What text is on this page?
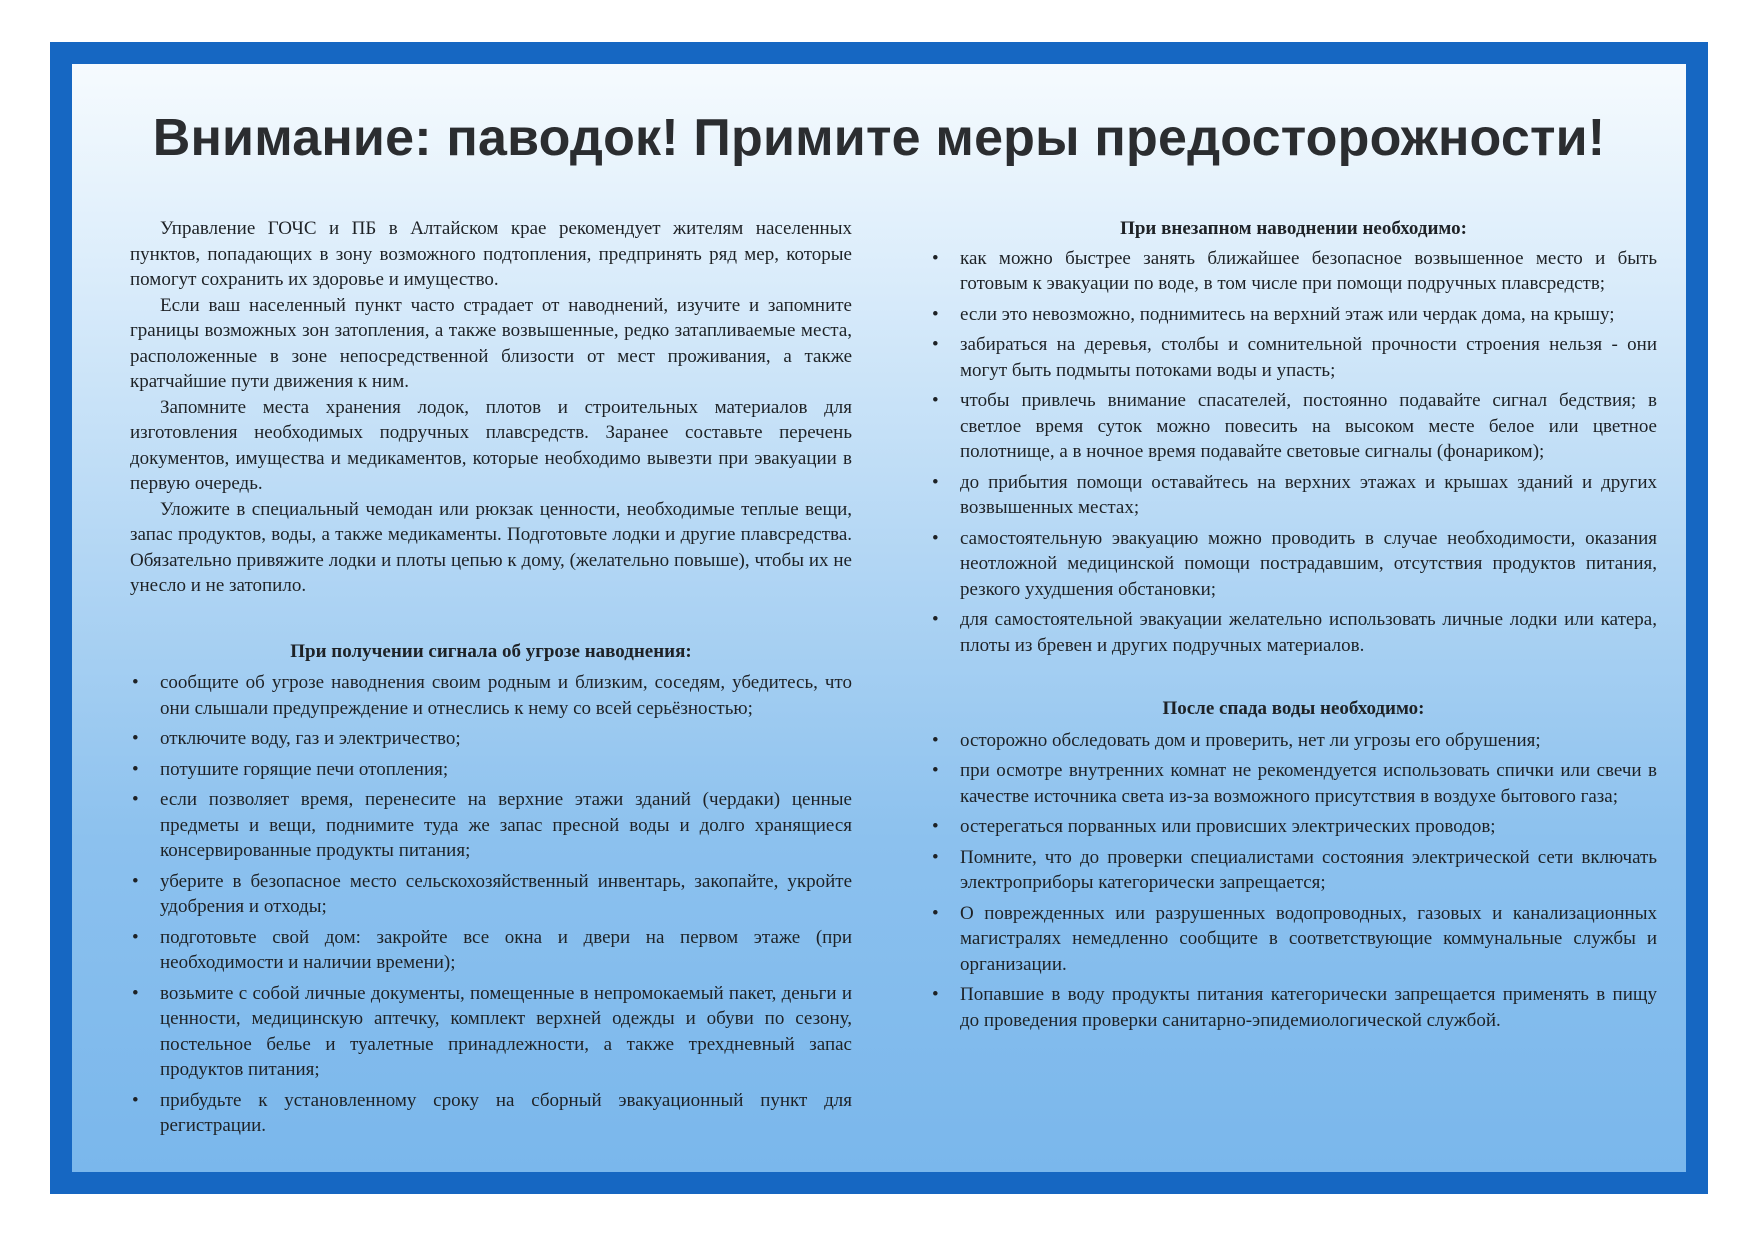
Внимание: паводок! Примите меры предосторожности!

Управление ГОЧС и ПБ в Алтайском крае рекомендует жителям населенных пунктов, попадающих в зону возможного подтопления, предпринять ряд мер, которые помогут сохранить их здоровье и имущество.

Если ваш населенный пункт часто страдает от наводнений, изучите и запомните границы возможных зон затопления, а также возвышенные, редко затапливаемые места, расположенные в зоне непосредственной близости от мест проживания, а также кратчайшие пути движения к ним.

Запомните места хранения лодок, плотов и строительных материалов для изготовления необходимых подручных плавсредств. Заранее составьте перечень документов, имущества и медикаментов, которые необходимо вывезти при эвакуации в первую очередь.

Уложите в специальный чемодан или рюкзак ценности, необходимые теплые вещи, запас продуктов, воды, а также медикаменты. Подготовьте лодки и другие плавсредства. Обязательно привяжите лодки и плоты цепью к дому, (желательно повыше), чтобы их не унесло и не затопило.

При получении сигнала об угрозе наводнения:

• сообщите об угрозе наводнения своим родным и близким, соседям, убедитесь, что они слышали предупреждение и отнеслись к нему со всей серьёзностью;
• отключите воду, газ и электричество;
• потушите горящие печи отопления;
• если позволяет время, перенесите на верхние этажи зданий (чердаки) ценные предметы и вещи, поднимите туда же запас пресной воды и долго хранящиеся консервированные продукты питания;
• уберите в безопасное место сельскохозяйственный инвентарь, закопайте, укройте удобрения и отходы;
• подготовьте свой дом: закройте все окна и двери на первом этаже (при необходимости и наличии времени);
• возьмите с собой личные документы, помещенные в непромокаемый пакет, деньги и ценности, медицинскую аптечку, комплект верхней одежды и обуви по сезону, постельное белье и туалетные принадлежности, а также трехдневный запас продуктов питания;
• прибудьте к установленному сроку на сборный эвакуационный пункт для регистрации.

При внезапном наводнении необходимо:

• как можно быстрее занять ближайшее безопасное возвышенное место и быть готовым к эвакуации по воде, в том числе при помощи подручных плавсредств;
• если это невозможно, поднимитесь на верхний этаж или чердак дома, на крышу;
• забираться на деревья, столбы и сомнительной прочности строения нельзя - они могут быть подмыты потоками воды и упасть;
• чтобы привлечь внимание спасателей, постоянно подавайте сигнал бедствия; в светлое время суток можно повесить на высоком месте белое или цветное полотнище, а в ночное время подавайте световые сигналы (фонариком);
• до прибытия помощи оставайтесь на верхних этажах и крышах зданий и других возвышенных местах;
• самостоятельную эвакуацию можно проводить в случае необходимости, оказания неотложной медицинской помощи пострадавшим, отсутствия продуктов питания, резкого ухудшения обстановки;
• для самостоятельной эвакуации желательно использовать личные лодки или катера, плоты из бревен и других подручных материалов.

После спада воды необходимо:

• осторожно обследовать дом и проверить, нет ли угрозы его обрушения;
• при осмотре внутренних комнат не рекомендуется использовать спички или свечи в качестве источника света из-за возможного присутствия в воздухе бытового газа;
• остерегаться порванных или провисших электрических проводов;
• Помните, что до проверки специалистами состояния электрической сети включать электроприборы категорически запрещается;
• О поврежденных или разрушенных водопроводных, газовых и канализационных магистралях немедленно сообщите в соответствующие коммунальные службы и организации.
• Попавшие в воду продукты питания категорически запрещается применять в пищу до проведения проверки санитарно-эпидемиологической службой.
